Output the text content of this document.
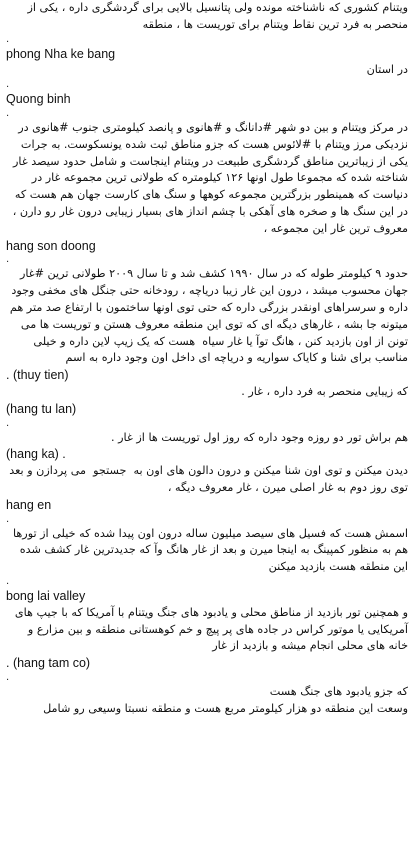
ویتنام کشوری که ناشناخته مونده ولی پتانسیل بالایی برای گردشگری داره ، یکی از منحصر به فرد ترین نقاط ویتنام برای توریست ها ، منطقه
.
phong Nha ke bang
در استان
.
Quong binh
.
در مرکز ویتنام و بین دو شهر #دانانگ و #هانوی و پانصد کیلومتری جنوب #هانوی در نزدیکی مرز ویتنام با #لائوس هست که جزو مناطق ثبت شده یونسکوست. به جرات یکی از زیباترین مناطق گردشگری طبیعت در ویتنام اینجاست و شامل حدود سیصد غار شناخته شده که مجموعا طول اونها ۱۲۶ کیلومتره که طولانی ترین مجموعه غار در دنیاست که همینطور بزرگترین مجموعه کوهها و سنگ های کارست جهان هم هست که در این سنگ ها و صخره های آهکی با چشم انداز های بسیار زیبایی درون غار رو دارن ، معروف ترین غار این مجموعه ،
hang son doong
.
حدود ۹ کیلومتر طوله که در سال ۱۹۹۰ کشف شد و تا سال ۲۰۰۹ طولانی ترین #غار جهان محسوب میشد ، درون این غار زیبا دریاچه ، رودخانه حتی جنگل های مخفی وجود داره و سرسراهای اونقدر بزرگی داره که حتی توی اونها ساختمون با ارتفاع صد متر هم میتونه جا بشه ، غارهای دیگه ای که توی این منطقه معروف هستن و توریست ها می تونن از اون بازدید کنن ، هانگ توآ یا غار سیاه  هست که یک زیپ لاین داره و خیلی مناسب برای شنا و کایاک سواریه و دریاچه ای داخل اون وجود داره به اسم
. (thuy tien)
که زیبایی منحصر به فرد داره ، غار .
(hang tu lan)
.
هم براش تور دو روزه وجود داره که روز اول توریست ها از غار .
(hang ka) .
دیدن میکنن و توی اون شنا میکنن و درون دالون های اون به  جستجو  می پردازن و بعد توی روز دوم به غار اصلی میرن ، غار معروف دیگه ،
hang en
.
اسمش هست که فسیل های سیصد میلیون ساله درون اون پیدا شده که خیلی از تورها هم به منظور کمپینگ به اینجا میرن و بعد از غار هانگ وآ که جدیدترین غار کشف شده این منطقه هست بازدید میکنن
.
bong lai valley
و همچنین تور بازدید از مناطق محلی و یادبود های جنگ ویتنام با آمریکا که با جیپ های آمریکایی یا موتور کراس در جاده های پر پیچ و خم کوهستانی منطقه و بین مزارع و خانه های محلی انجام میشه و بازدید از غار
. (hang tam co)
.
که جزو یادبود های جنگ هست
وسعت این منطقه دو هزار کیلومتر مربع هست و منطقه نسبتا وسیعی رو شامل
